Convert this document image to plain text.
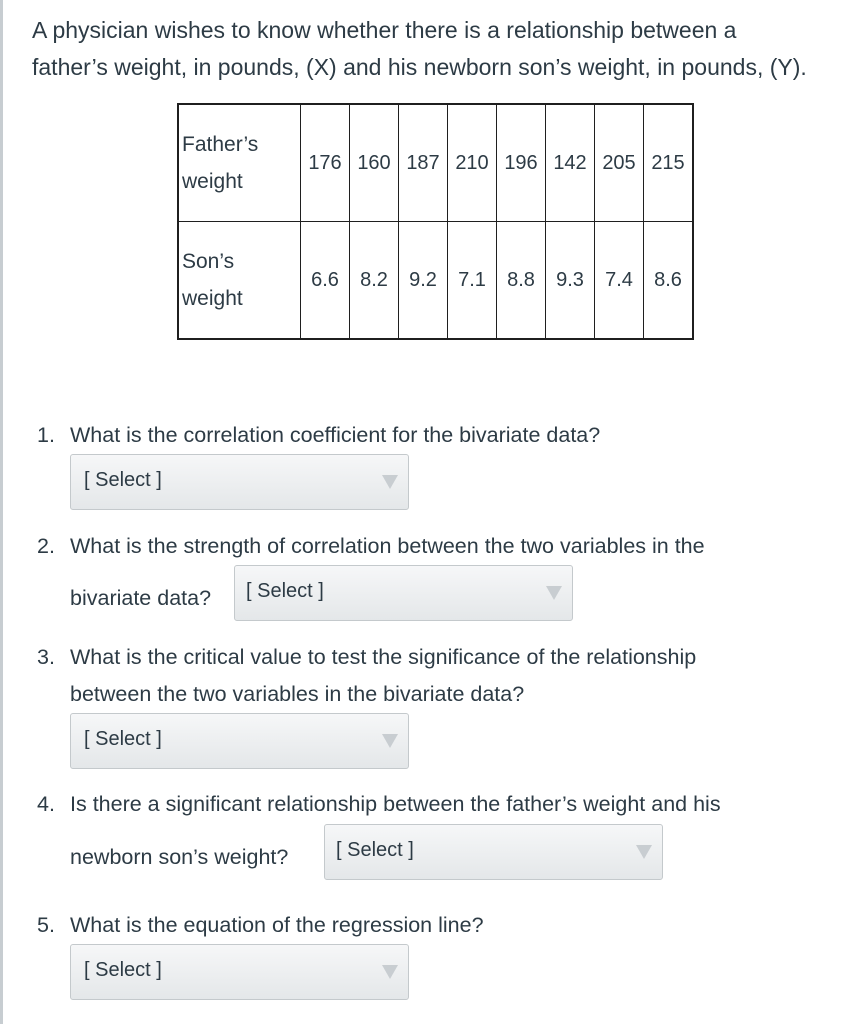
A physician wishes to know whether there is a relationship between a

father’s weight, in pounds, (X) and his newborn son’s weight, in pounds, (Y).

Father’s
weight	176	160	187	210	196	142	205	215
Son’s
weight	6.6	8.2	9.2	7.1	8.8	9.3	7.4	8.6
1. What is the correlation coefficient for the bivariate data?
[ Select ]
2. What is the strength of correlation between the two variables in the
bivariate data?	[ Select ]
3. What is the critical value to test the significance of the relationship
between the two variables in the bivariate data?
[ Select ]
4. Is there a significant relationship between the father’s weight and his
newborn son’s weight?	[ Select ]
5. What is the equation of the regression line?
[ Select ]
